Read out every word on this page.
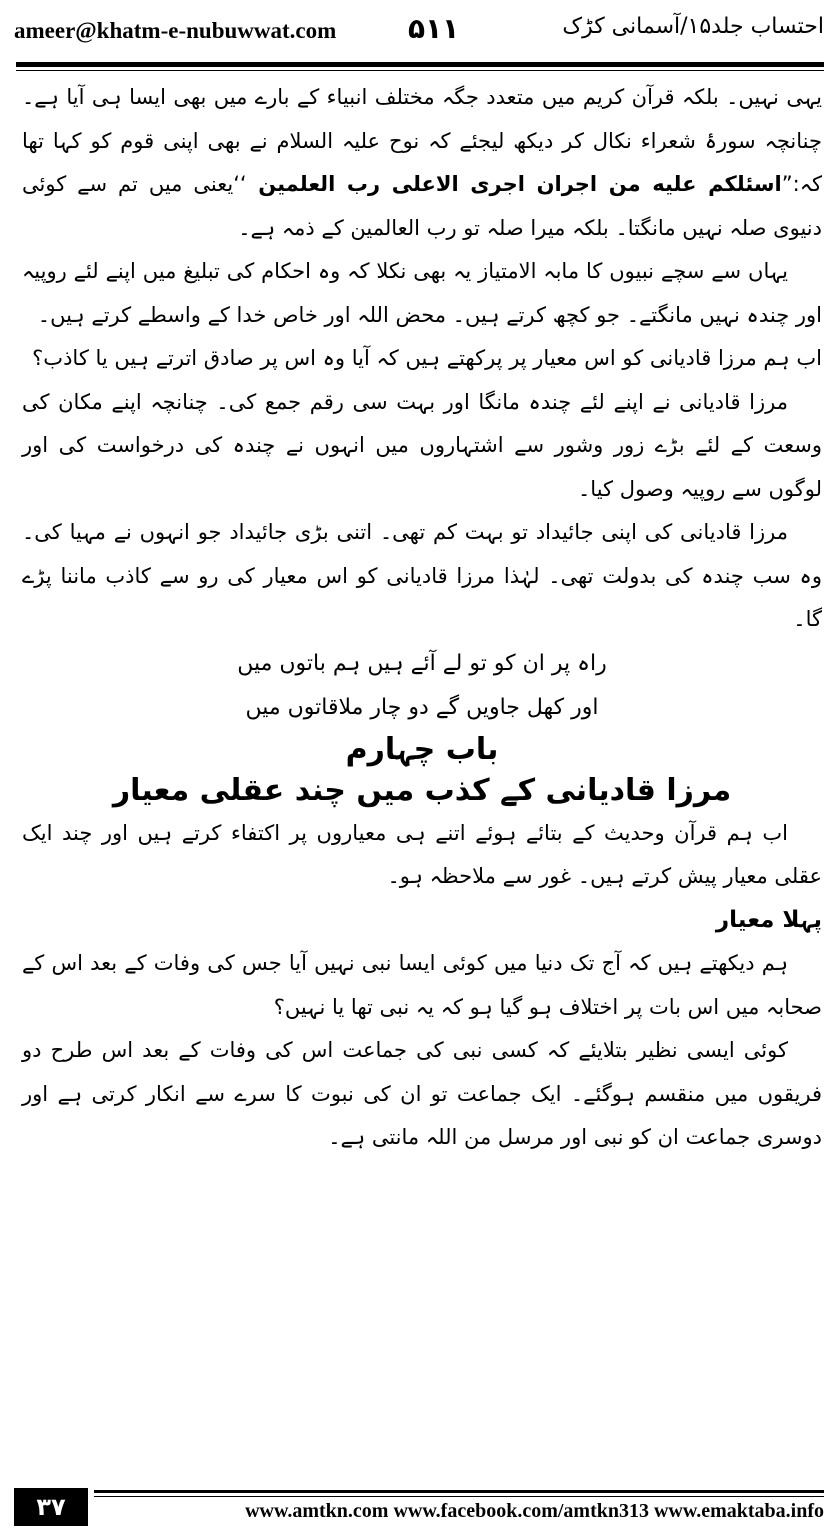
ameer@khatm-e-nubuwwat.com	۵۱۱	احتساب جلد۱۵/آسمانی کڑک

یہی نہیں۔ بلکہ قرآن کریم میں متعدد جگہ مختلف انبیاء کے بارے میں بھی ایسا ہی آیا ہے۔ چنانچہ سورۂ شعراء نکال کر دیکھ لیجئے کہ نوح علیہ السلام نے بھی اپنی قوم کو کہا تھا کہ:”اسئلکم علیه من اجران اجری الاعلی رب العلمین ‘‘یعنی میں تم سے کوئی دنیوی صلہ نہیں مانگتا۔ بلکہ میرا صلہ تو رب العالمین کے ذمہ ہے۔

یہاں سے سچے نبیوں کا مابہ الامتیاز یہ بھی نکلا کہ وہ احکام کی تبلیغ میں اپنے لئے روپیہ اور چندہ نہیں مانگتے۔ جو کچھ کرتے ہیں۔ محض اللہ اور خاص خدا کے واسطے کرتے ہیں۔

اب ہم مرزا قادیانی کو اس معیار پر پرکھتے ہیں کہ آیا وہ اس پر صادق اترتے ہیں یا کاذب؟

مرزا قادیانی نے اپنے لئے چندہ مانگا اور بہت سی رقم جمع کی۔ چنانچہ اپنے مکان کی وسعت کے لئے بڑے زور وشور سے اشتہاروں میں انہوں نے چندہ کی درخواست کی اور لوگوں سے روپیہ وصول کیا۔

مرزا قادیانی کی اپنی جائیداد تو بہت کم تھی۔ اتنی بڑی جائیداد جو انہوں نے مہیا کی۔ وہ سب چندہ کی بدولت تھی۔ لہٰذا مرزا قادیانی کو اس معیار کی رو سے کاذب ماننا پڑے گا۔

راہ پر ان کو تو لے آئے ہیں ہم باتوں میں

اور کھل جاویں گے دو چار ملاقاتوں میں

باب چہارم

مرزا قادیانی کے کذب میں چند عقلی معیار

اب ہم قرآن وحدیث کے بتائے ہوئے اتنے ہی معیاروں پر اکتفاء کرتے ہیں اور چند ایک عقلی معیار پیش کرتے ہیں۔ غور سے ملاحظہ ہو۔

پہلا معیار

ہم دیکھتے ہیں کہ آج تک دنیا میں کوئی ایسا نبی نہیں آیا جس کی وفات کے بعد اس کے صحابہ میں اس بات پر اختلاف ہو گیا ہو کہ یہ نبی تھا یا نہیں؟

کوئی ایسی نظیر بتلایئے کہ کسی نبی کی جماعت اس کی وفات کے بعد اس طرح دو فریقوں میں منقسم ہوگئے۔ ایک جماعت تو ان کی نبوت کا سرے سے انکار کرتی ہے اور دوسری جماعت ان کو نبی اور مرسل من اللہ مانتی ہے۔

۳۷	www.amtkn.com www.facebook.com/amtkn313 www.emaktaba.info
